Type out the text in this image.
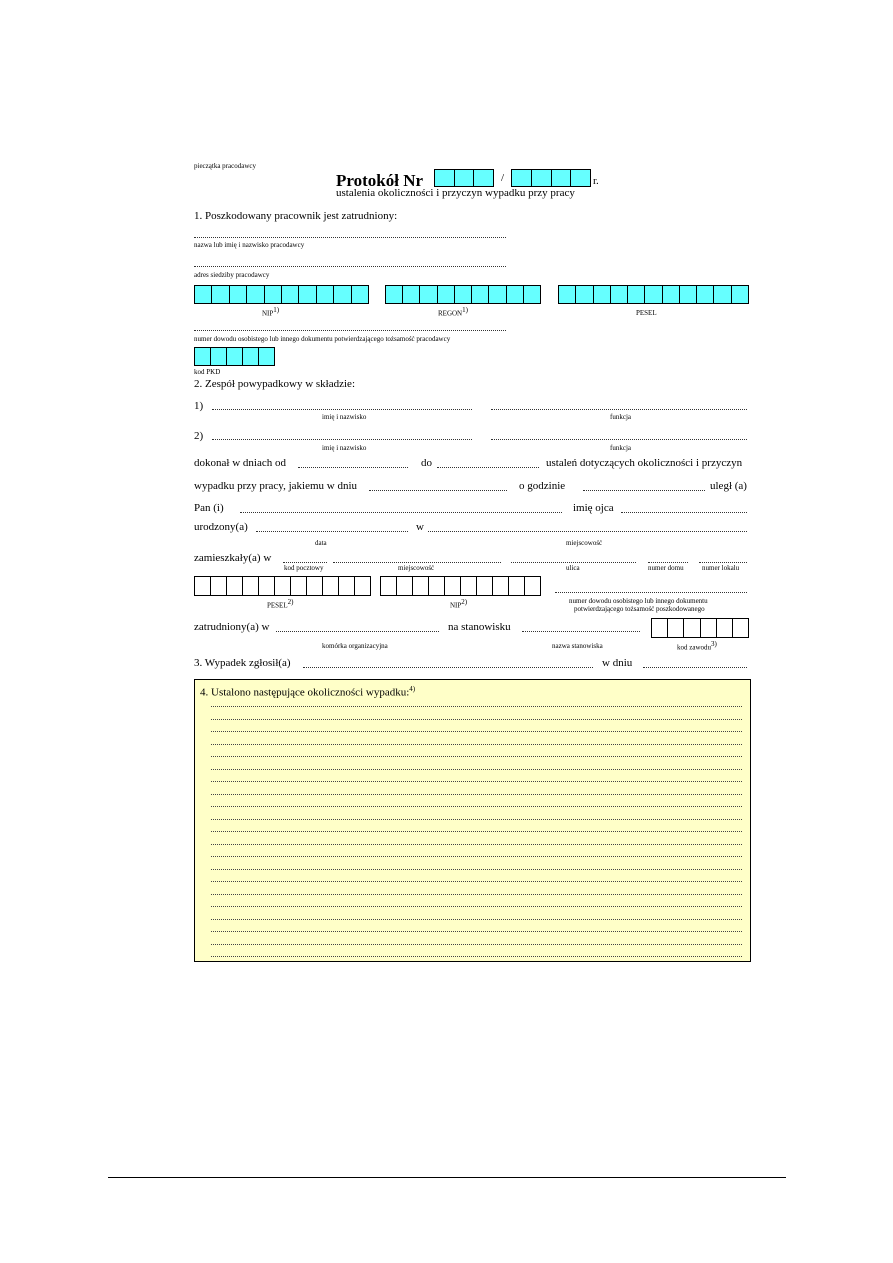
pieczątka pracodawcy
Protokół Nr	/	r.
ustalenia okoliczności i przyczyn wypadku przy pracy
1. Poszkodowany pracownik jest zatrudniony:
nazwa lub imię i nazwisko pracodawcy
adres siedziby pracodawcy
NIP$^{1)}$	REGON$^{1)}$	PESEL
numer dowodu osobistego lub innego dokumentu potwierdzającego tożsamość pracodawcy
kod PKD
2. Zespół powypadkowy w składzie:
1)
imię i nazwisko	funkcja
2)
imię i nazwisko	funkcja
dokonał w dniach od	do	ustaleń dotyczących okoliczności i przyczyn
wypadku przy pracy, jakiemu w dniu	o godzinie	uległ (a)
Pan (i)	imię ojca
urodzony(a)	w
data	miejscowość
zamieszkały(a) w
kod pocztowy	miejscowość	ulica	numer domu	numer lokalu
PESEL$^{2)}$	NIP$^{2)}$	numer dowodu osobistego lub innego dokumentu
potwierdzającego tożsamość poszkodowanego
zatrudniony(a) w	na stanowisku
komórka organizacyjna	nazwa stanowiska	kod zawodu$^{3)}$
3. Wypadek zgłosił(a)	w dniu
4. Ustalono następujące okoliczności wypadku:$^{4)}$
